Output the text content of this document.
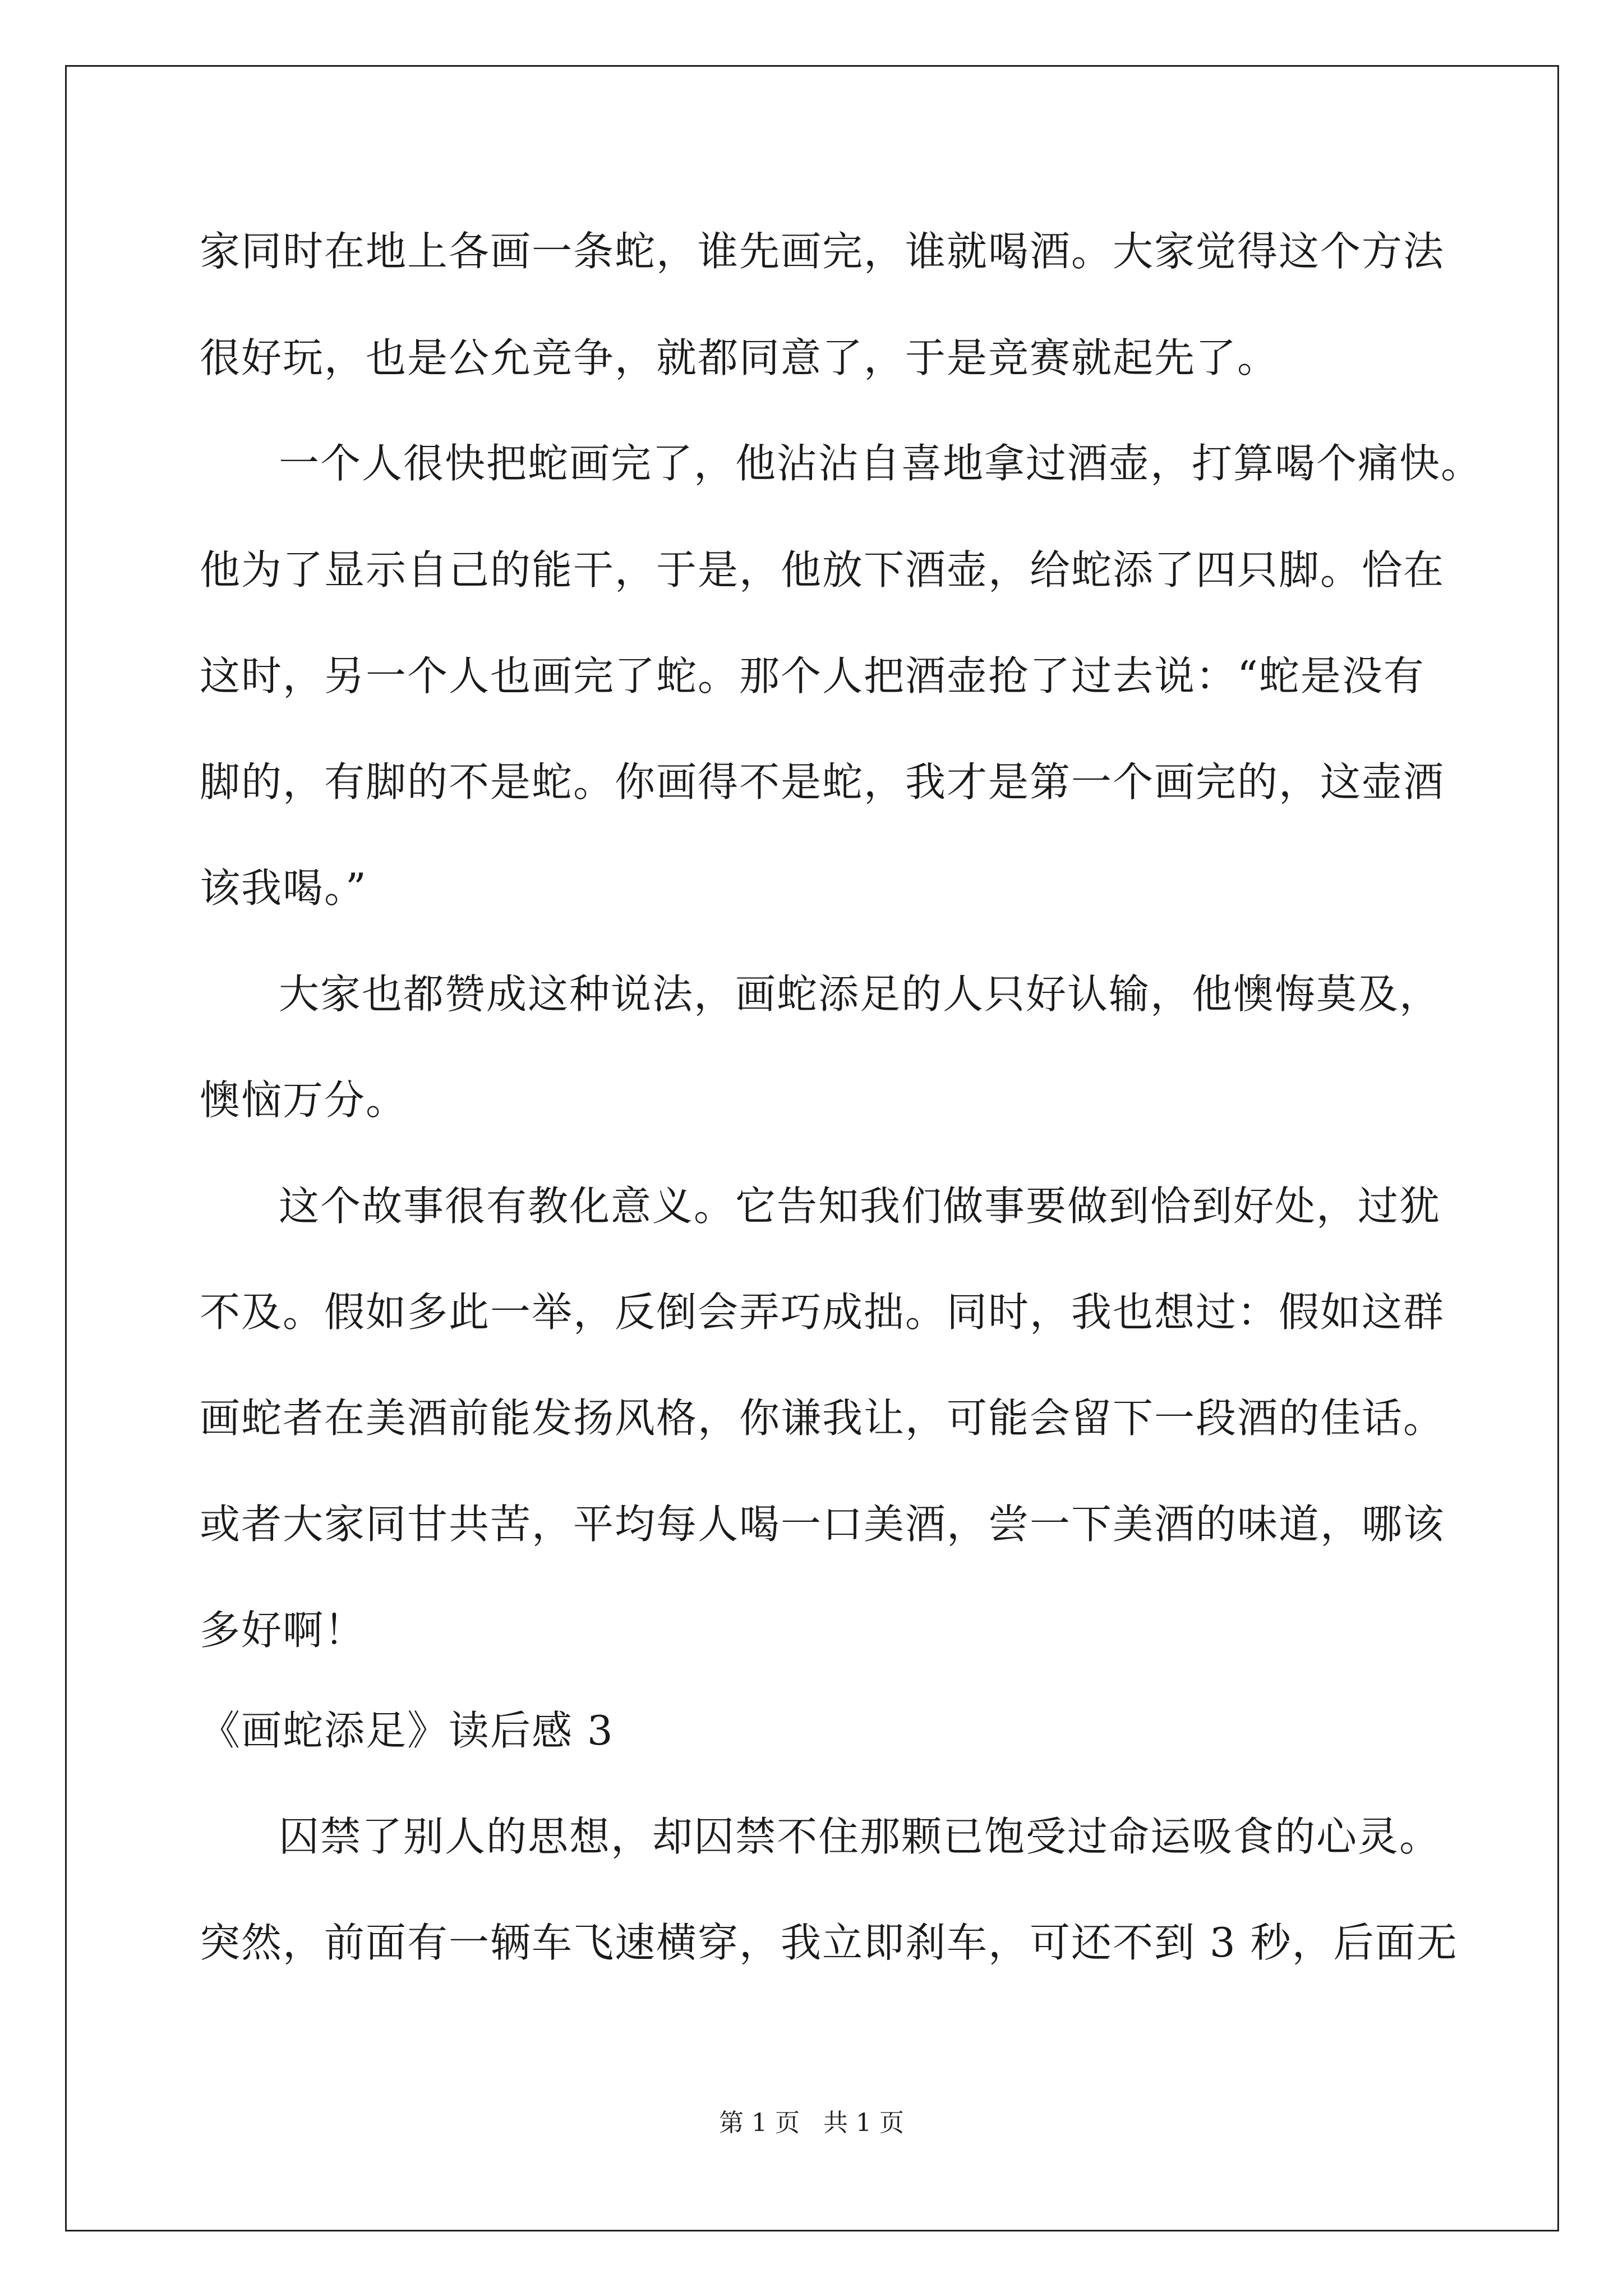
家同时在地上各画一条蛇，谁先画完，谁就喝酒。大家觉得这个方法
很好玩，也是公允竞争，就都同意了，于是竞赛就起先了。
一个人很快把蛇画完了，他沾沾自喜地拿过酒壶，打算喝个痛快。
他为了显示自己的能干，于是，他放下酒壶，给蛇添了四只脚。恰在
这时，另一个人也画完了蛇。那个人把酒壶抢了过去说：“蛇是没有
脚的，有脚的不是蛇。你画得不是蛇，我才是第一个画完的，这壶酒
该我喝。”
大家也都赞成这种说法，画蛇添足的人只好认输，他懊悔莫及，
懊恼万分。
这个故事很有教化意义。它告知我们做事要做到恰到好处，过犹
不及。假如多此一举，反倒会弄巧成拙。同时，我也想过：假如这群
画蛇者在美酒前能发扬风格，你谦我让，可能会留下一段酒的佳话。
或者大家同甘共苦，平均每人喝一口美酒，尝一下美酒的味道，哪该
多好啊！
《画蛇添足》读后感 3
囚禁了别人的思想，却囚禁不住那颗已饱受过命运吸食的心灵。
突然，前面有一辆车飞速横穿，我立即刹车，可还不到 3 秒，后面无
第 1 页 共 1 页
